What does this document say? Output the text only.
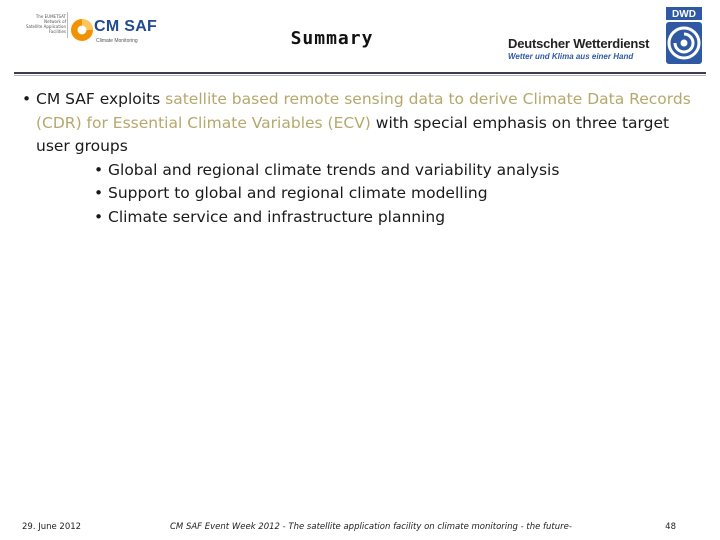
The EUMETSAT
Network of
Satellite Application
Facilities CM SAF
Climate Monitoring	Summary	Deutscher Wetterdienst
Wetter und Klima aus einer Hand
DWD
• CM SAF exploits satellite based remote sensing data to derive Climate Data Records (CDR) for Essential Climate Variables (ECV) with special emphasis on three target user groups
• Global and regional climate trends and variability analysis
• Support to global and regional climate modelling
• Climate service and infrastructure planning
29. June 2012	CM SAF Event Week 2012 - The satellite application facility on climate monitoring - the future-	48
